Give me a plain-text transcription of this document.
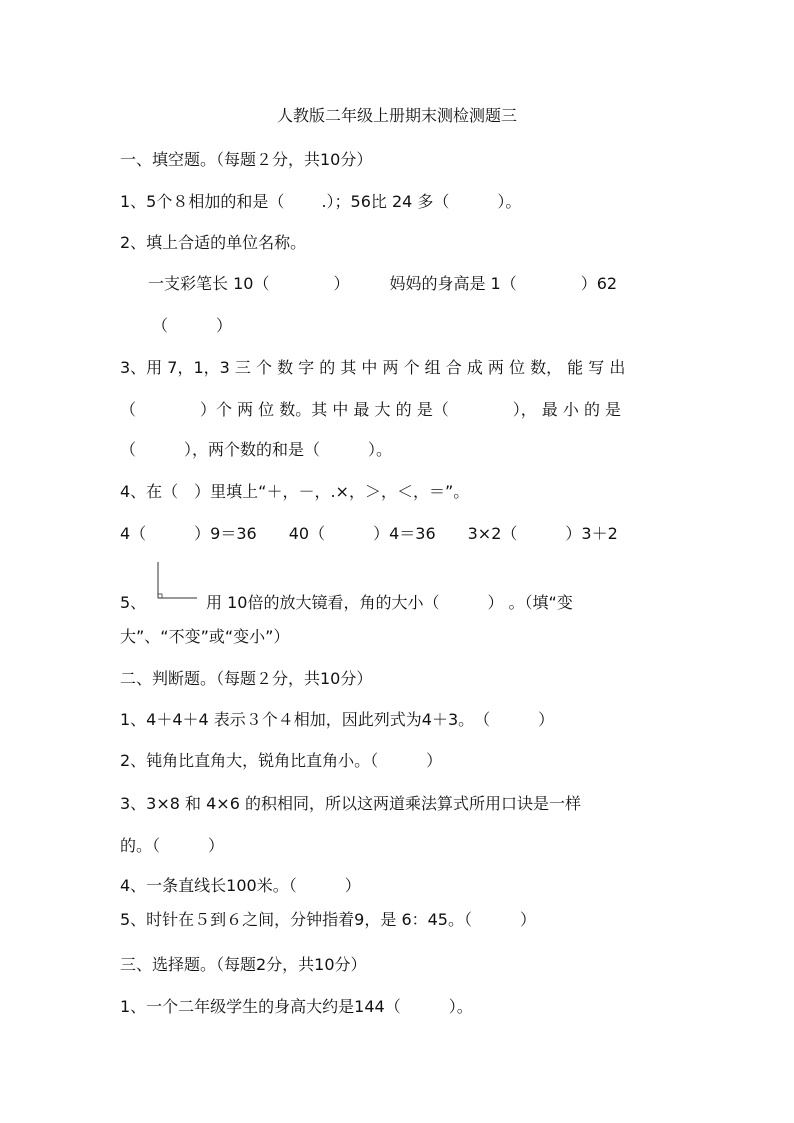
人教版二年级上册期末测检测题三
一、填空题。（每题２分，共10分）
1、5个８相加的和是（　　 .）；56比 24 多（　　　）。
2、填上合适的单位名称。
一支彩笔长 10（　　　　）　　　妈妈的身高是 1（　　　　）62
（　　　）
3、用 7，1，3 三 个 数 字 的 其 中 两 个 组 合 成 两 位 数， 能 写 出
（　　　　）个 两 位 数。其 中 最 大 的 是（　　　　）， 最 小 的 是
（　　　），两个数的和是（　　　）。
4、在（　）里填上“＋，－，.×，＞，＜，＝”。
4（　　　）9＝36　　40（　　　）4＝36　　3×2（　　　）3＋2
5、	用 10倍的放大镜看，角的大小（　　　） 。（填“变
大”、“不变”或“变小”）
二、判断题。（每题２分，共10分）
1、4＋4＋4 表示３个４相加，因此列式为4＋3。　（　　　）
2、钝角比直角大，锐角比直角小。（　　　）
3、3×8 和 4×6 的积相同，所以这两道乘法算式所用口诀是一样
的。（　　　）
4、一条直线长100米。（　　　）
5、时针在５到６之间，分钟指着9，是 6：45。（　　　）
三、选择题。（每题2分，共10分）
1、一个二年级学生的身高大约是144（　　　）。
